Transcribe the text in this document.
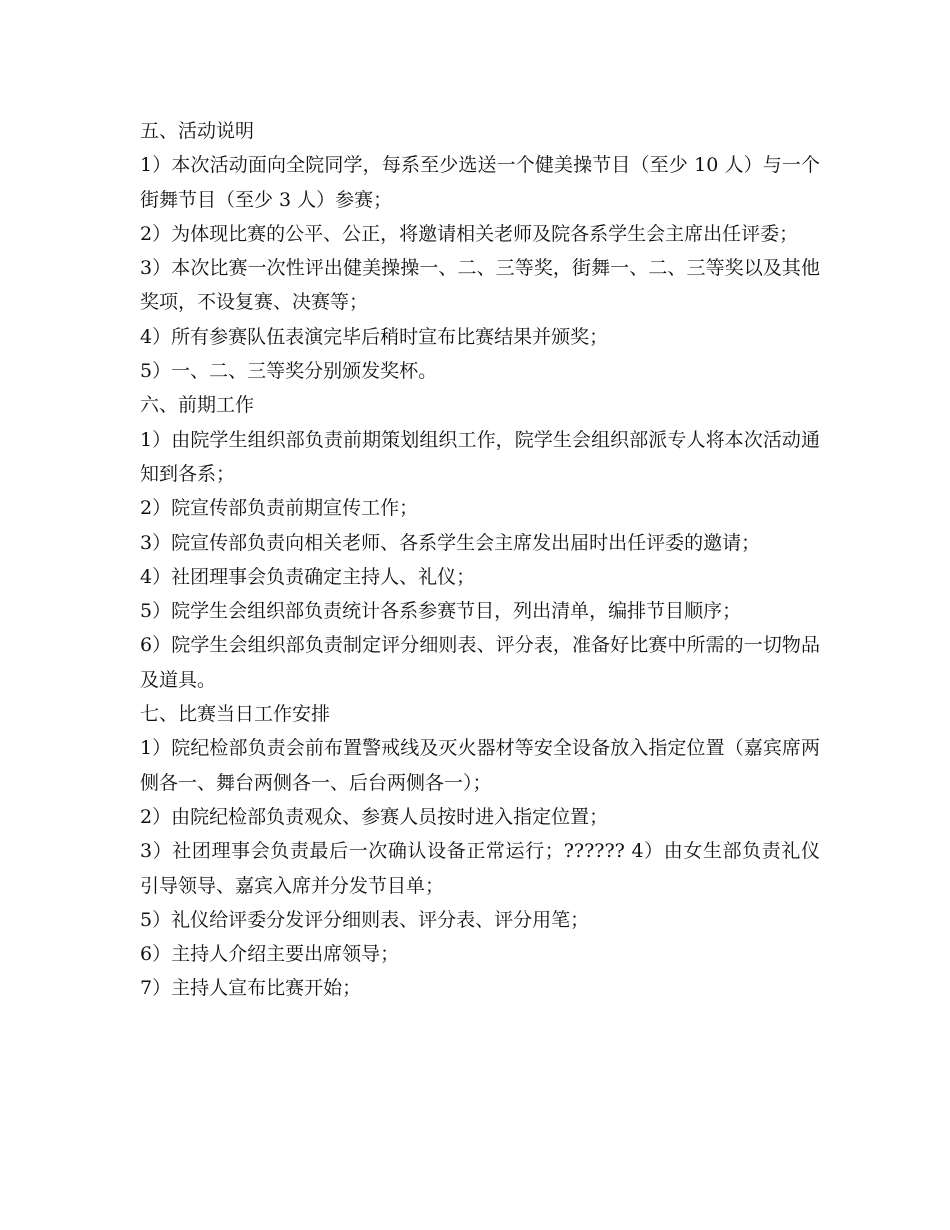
五、活动说明

1）本次活动面向全院同学，每系至少选送一个健美操节目（至少 10 人）与一个街舞节目（至少 3 人）参赛；

2）为体现比赛的公平、公正，将邀请相关老师及院各系学生会主席出任评委；

3）本次比赛一次性评出健美操操一、二、三等奖，街舞一、二、三等奖以及其他奖项，不设复赛、决赛等；

4）所有参赛队伍表演完毕后稍时宣布比赛结果并颁奖；

5）一、二、三等奖分别颁发奖杯。

六、前期工作

1）由院学生组织部负责前期策划组织工作，院学生会组织部派专人将本次活动通知到各系；

2）院宣传部负责前期宣传工作；

3）院宣传部负责向相关老师、各系学生会主席发出届时出任评委的邀请；

4）社团理事会负责确定主持人、礼仪；

5）院学生会组织部负责统计各系参赛节目，列出清单，编排节目顺序；

6）院学生会组织部负责制定评分细则表、评分表，准备好比赛中所需的一切物品及道具。

七、比赛当日工作安排

1）院纪检部负责会前布置警戒线及灭火器材等安全设备放入指定位置（嘉宾席两侧各一、舞台两侧各一、后台两侧各一）；

2）由院纪检部负责观众、参赛人员按时进入指定位置；

3）社团理事会负责最后一次确认设备正常运行；?????? 4）由女生部负责礼仪引导领导、嘉宾入席并分发节目单；

5）礼仪给评委分发评分细则表、评分表、评分用笔；

6）主持人介绍主要出席领导；

7）主持人宣布比赛开始；
